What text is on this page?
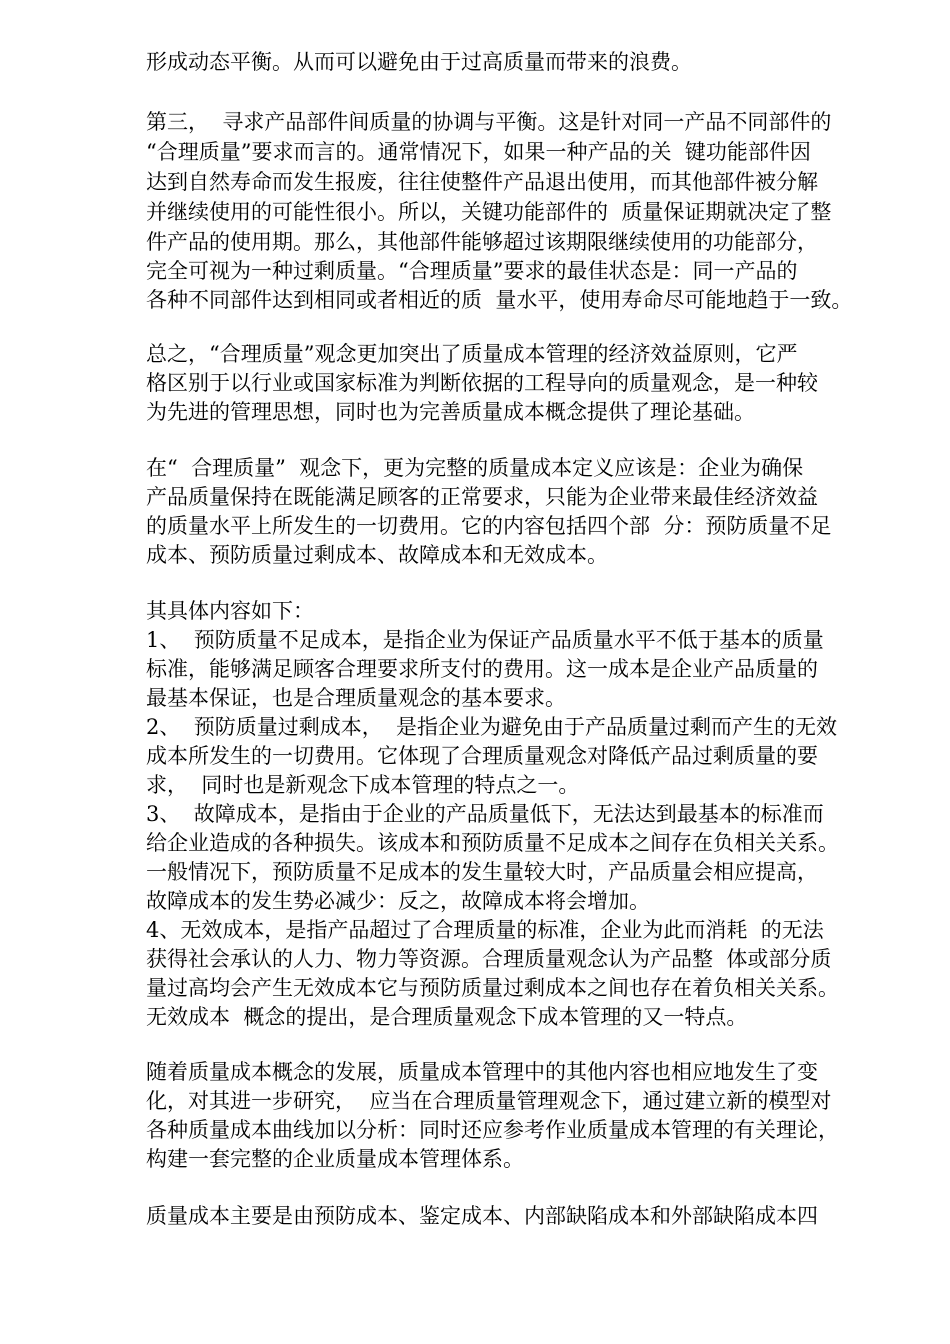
形成动态平衡。从而可以避免由于过高质量而带来的浪费。
第三，  寻求产品部件间质量的协调与平衡。这是针对同一产品不同部件的
“合理质量”要求而言的。通常情况下，如果一种产品的关  键功能部件因
达到自然寿命而发生报废，往往使整件产品退出使用，而其他部件被分解
并继续使用的可能性很小。所以，关键功能部件的  质量保证期就决定了整
件产品的使用期。那么，其他部件能够超过该期限继续使用的功能部分，
完全可视为一种过剩质量。“合理质量”要求的最佳状态是：同一产品的
各种不同部件达到相同或者相近的质  量水平，使用寿命尽可能地趋于一致。
总之，“合理质量”观念更加突出了质量成本管理的经济效益原则，它严
格区别于以行业或国家标准为判断依据的工程导向的质量观念，是一种较
为先进的管理思想，同时也为完善质量成本概念提供了理论基础。
在“  合理质量”  观念下，更为完整的质量成本定义应该是：企业为确保
产品质量保持在既能满足顾客的正常要求，只能为企业带来最佳经济效益
的质量水平上所发生的一切费用。它的内容包括四个部  分：预防质量不足
成本、预防质量过剩成本、故障成本和无效成本。
其具体内容如下：
1、  预防质量不足成本，是指企业为保证产品质量水平不低于基本的质量
标准，能够满足顾客合理要求所支付的费用。这一成本是企业产品质量的
最基本保证，也是合理质量观念的基本要求。
2、  预防质量过剩成本，  是指企业为避免由于产品质量过剩而产生的无效
成本所发生的一切费用。它体现了合理质量观念对降低产品过剩质量的要
求，  同时也是新观念下成本管理的特点之一。
3、  故障成本，是指由于企业的产品质量低下，无法达到最基本的标准而
给企业造成的各种损失。该成本和预防质量不足成本之间存在负相关关系。
一般情况下，预防质量不足成本的发生量较大时，产品质量会相应提高，
故障成本的发生势必减少：反之，故障成本将会增加。
4、无效成本，是指产品超过了合理质量的标准，企业为此而消耗  的无法
获得社会承认的人力、物力等资源。合理质量观念认为产品整  体或部分质
量过高均会产生无效成本它与预防质量过剩成本之间也存在着负相关关系。
无效成本  概念的提出，是合理质量观念下成本管理的又一特点。
随着质量成本概念的发展，质量成本管理中的其他内容也相应地发生了变
化，对其进一步研究，  应当在合理质量管理观念下，通过建立新的模型对
各种质量成本曲线加以分析：同时还应参考作业质量成本管理的有关理论，
构建一套完整的企业质量成本管理体系。
质量成本主要是由预防成本、鉴定成本、内部缺陷成本和外部缺陷成本四
